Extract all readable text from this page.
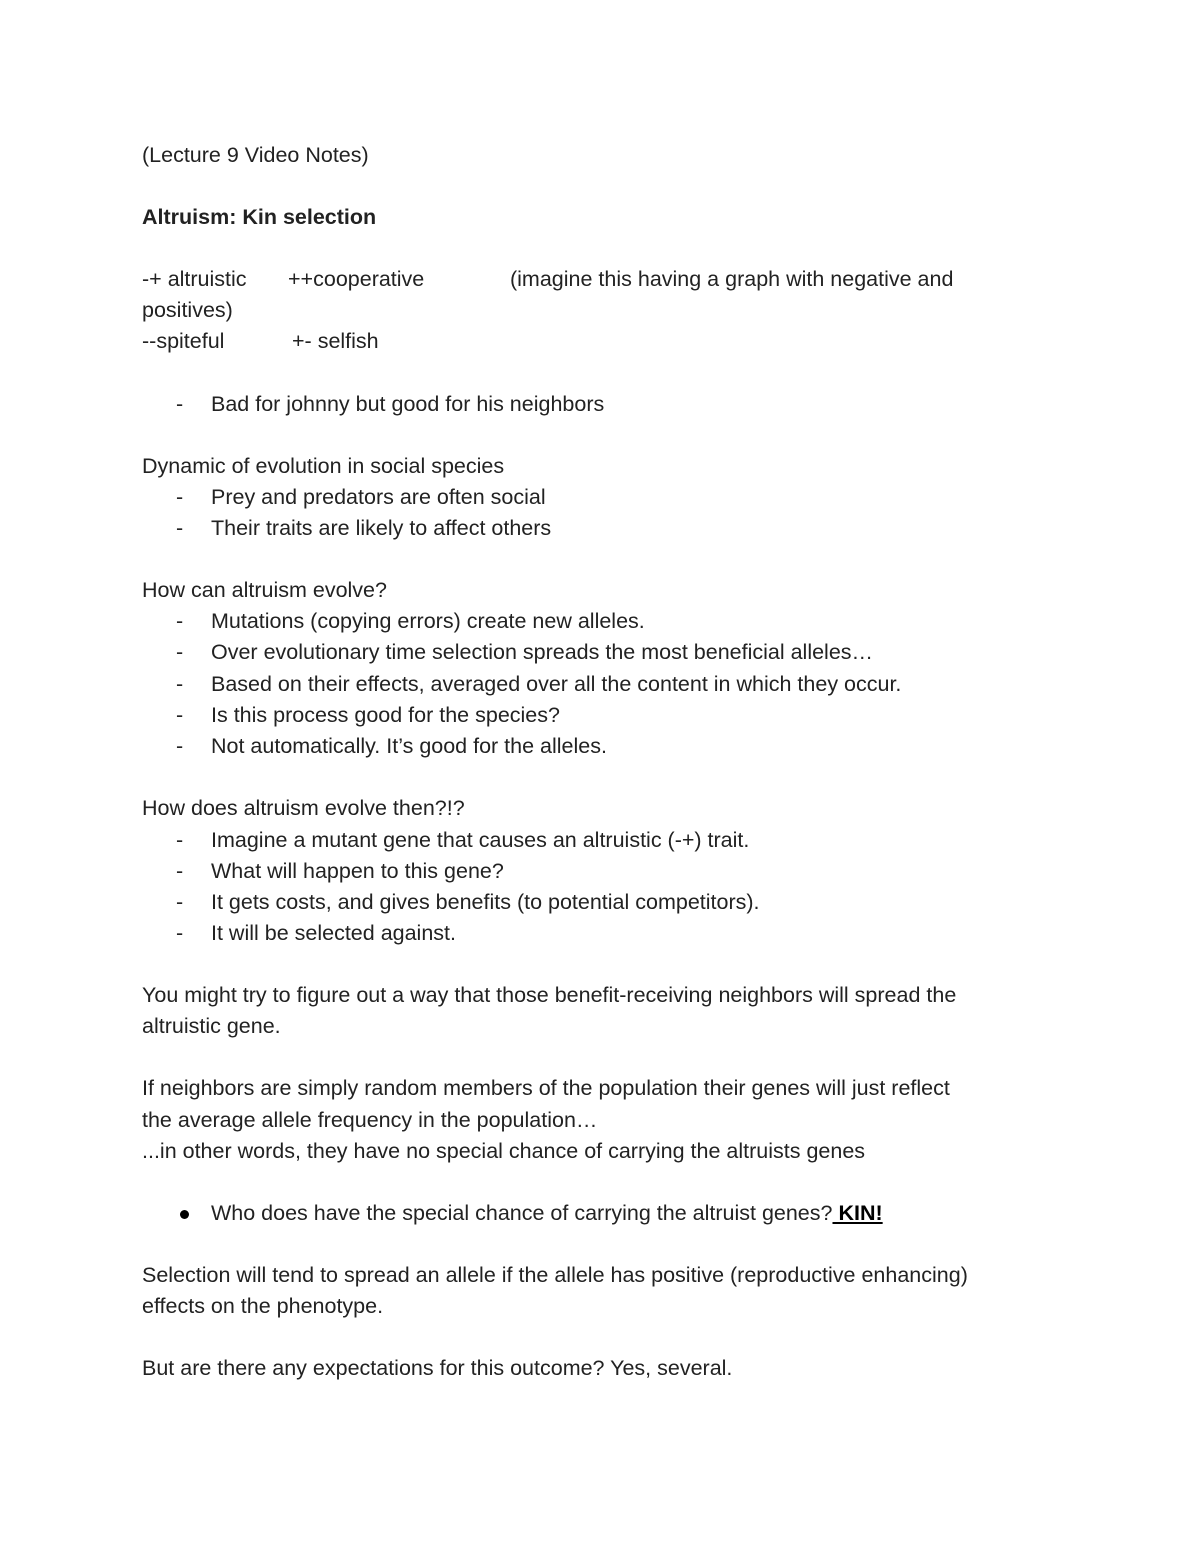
(Lecture 9 Video Notes)
Altruism: Kin selection
-+ altruistic ++cooperative	(imagine this having a graph with negative and
positives)
--spiteful	+- selfish

-

	Bad for johnny but good for his neighbors

Dynamic of evolution in social species

-

	Prey and predators are often social

-

	Their traits are likely to affect others

How can altruism evolve?

-

	Mutations (copying errors) create new alleles.

-

	Over evolutionary time selection spreads the most beneficial alleles…

-

	Based on their effects, averaged over all the content in which they occur.

-

	Is this process good for the species?

-

	Not automatically. It’s good for the alleles.

How does altruism evolve then?!?

-

	Imagine a mutant gene that causes an altruistic (-+) trait.

-

	What will happen to this gene?

-

	It gets costs, and gives benefits (to potential competitors).

-

	It will be selected against.

You might try to figure out a way that those benefit-receiving neighbors will spread the
altruistic gene.
If neighbors are simply random members of the population their genes will just reflect
the average allele frequency in the population…
...in other words, they have no special chance of carrying the altruists genes

Who does have the special chance of carrying the altruist genes? KIN!

Selection will tend to spread an allele if the allele has positive (reproductive enhancing)
effects on the phenotype.
But are there any expectations for this outcome? Yes, several.
